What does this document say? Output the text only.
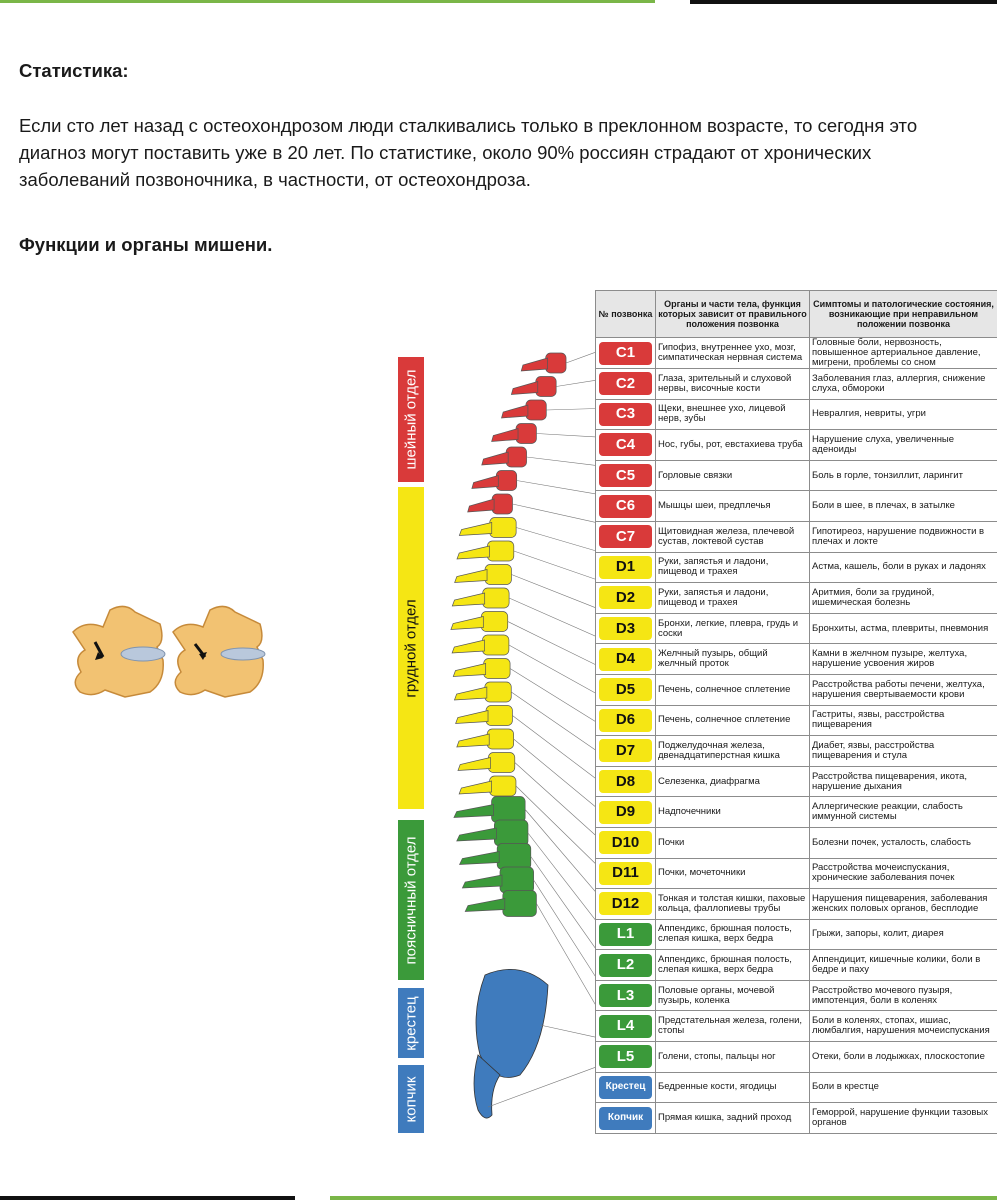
Статистика:

Если сто лет назад с остеохондрозом люди сталкивались только в преклонном возрасте, то сегодня это
диагноз могут поставить уже в 20 лет. По статистике, около 90% россиян страдают от хронических
заболеваний позвоночника, в частности, от остеохондроза.

Функции и органы мишени.
шейный отдел
грудной отдел
поясничный отдел
крестец
копчик
№ позвонка	Органы и части тела, функция которых зависит от правильного положения позвонка	Симптомы и патологические состояния, возникающие при неправильном положении позвонка

C1	Гипофиз, внутреннее ухо, мозг, симпатическая нервная система	Головные боли, нервозность, повышенное артериальное давление, мигрени, проблемы со сном

C2	Глаза, зрительный и слуховой нервы, височные кости	Заболевания глаз, аллергия, снижение слуха, обмороки

C3	Щеки, внешнее ухо, лицевой нерв, зубы	Невралгия, невриты, угри

C4	Нос, губы, рот, евстахиева труба	Нарушение слуха, увеличенные аденоиды

C5	Горловые связки	Боль в горле, тонзиллит, ларингит

C6	Мышцы шеи, предплечья	Боли в шее, в плечах, в затылке

C7	Щитовидная железа, плечевой сустав, локтевой сустав	Гипотиреоз, нарушение подвижности в плечах и локте

D1	Руки, запястья и ладони, пищевод и трахея	Астма, кашель, боли в руках и ладонях

D2	Руки, запястья и ладони, пищевод и трахея	Аритмия, боли за грудиной, ишемическая болезнь

D3	Бронхи, легкие, плевра, грудь и соски	Бронхиты, астма, плевриты, пневмония

D4	Желчный пузырь, общий желчный проток	Камни в желчном пузыре, желтуха, нарушение усвоения жиров

D5	Печень, солнечное сплетение	Расстройства работы печени, желтуха, нарушения свертываемости крови

D6	Печень, солнечное сплетение	Гастриты, язвы, расстройства пищеварения

D7	Поджелудочная железа, двенадцатиперстная кишка	Диабет, язвы, расстройства пищеварения и стула

D8	Селезенка, диафрагма	Расстройства пищеварения, икота, нарушение дыхания

D9	Надпочечники	Аллергические реакции, слабость иммунной системы

D10	Почки	Болезни почек, усталость, слабость

D11	Почки, мочеточники	Расстройства мочеиспускания, хронические заболевания почек

D12	Тонкая и толстая кишки, паховые кольца, фаллопиевы трубы	Нарушения пищеварения, заболевания женских половых органов, бесплодие

L1	Аппендикс, брюшная полость, слепая кишка, верх бедра	Грыжи, запоры, колит, диарея

L2	Аппендикс, брюшная полость, слепая кишка, верх бедра	Аппендицит, кишечные колики, боли в бедре и паху

L3	Половые органы, мочевой пузырь, коленка	Расстройство мочевого пузыря, импотенция, боли в коленях

L4	Предстательная железа, голени, стопы	Боли в коленях, стопах, ишиас, люмбалгия, нарушения мочеиспускания

L5	Голени, стопы, пальцы ног	Отеки, боли в лодыжках, плоскостопие

Крестец	Бедренные кости, ягодицы	Боли в крестце

Копчик	Прямая кишка, задний проход	Геморрой, нарушение функции тазовых органов
